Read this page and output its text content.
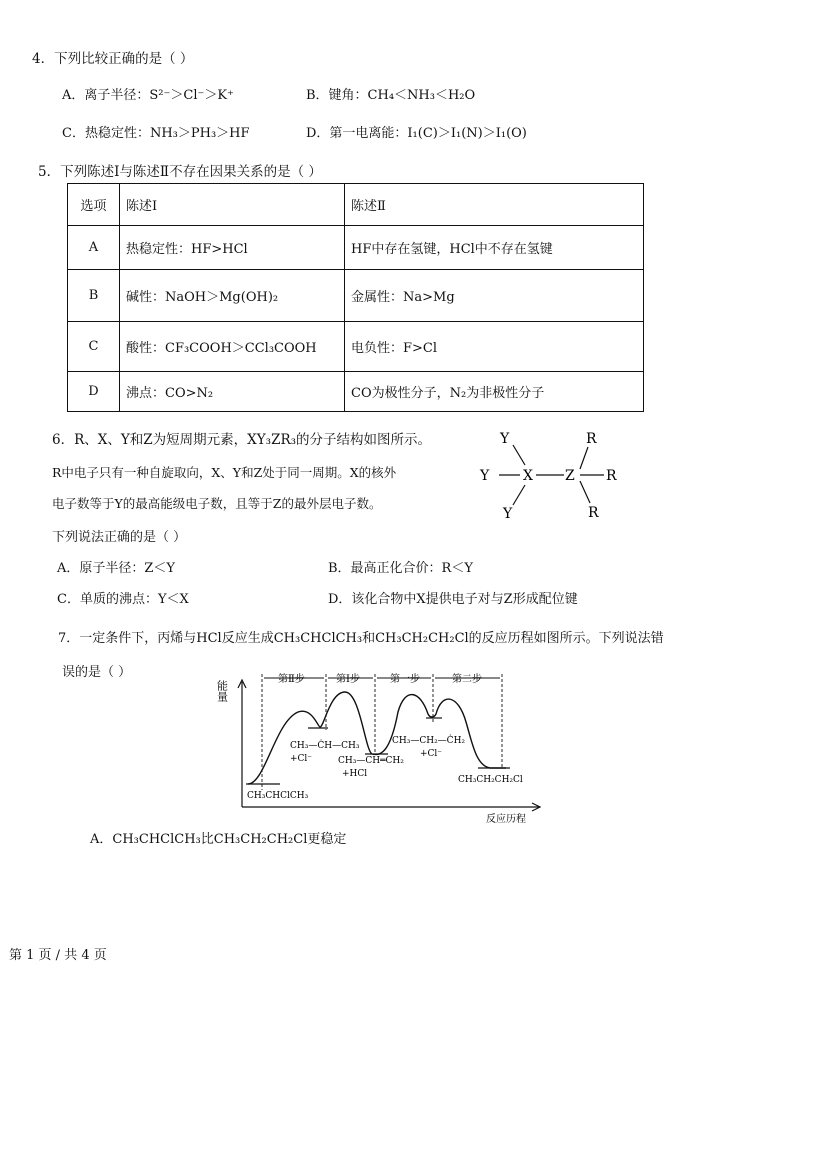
4．下列比较正确的是（ ）
A．离子半径：S²⁻＞Cl⁻＞K⁺	B．键角：CH₄＜NH₃＜H₂O
C．热稳定性：NH₃＞PH₃＞HF	D．第一电离能：I₁(C)＞I₁(N)＞I₁(O)
5．下列陈述Ⅰ与陈述Ⅱ不存在因果关系的是（ ）
选项	陈述Ⅰ	陈述Ⅱ
A	热稳定性：HF>HCl	HF中存在氢键，HCl中不存在氢键
B	碱性：NaOH＞Mg(OH)₂	金属性：Na>Mg
C	酸性：CF₃COOH＞CCl₃COOH	电负性：F>Cl
D	沸点：CO>N₂	CO为极性分子，N₂为非极性分子
6．R、X、Y和Z为短周期元素，XY₃ZR₃的分子结构如图所示。
R中电子只有一种自旋取向，X、Y和Z处于同一周期。X的核外
电子数等于Y的最高能级电子数，且等于Z的最外层电子数。
下列说法正确的是（ ）
A．原子半径：Z＜Y	B．最高正化合价：R＜Y
C．单质的沸点：Y＜X	D．该化合物中X提供电子对与Z形成配位键
Y
Y
Y
X Z
R
R
R
7．一定条件下，丙烯与HCl反应生成CH₃CHClCH₃和CH₃CH₂CH₂Cl的反应历程如图所示。下列说法错
误的是（ ）
能量
反应历程
第Ⅱ步	第Ⅰ步	第一步	第二步
CH₃CHClCH₃
CH₃—ĊH—CH₃
+Cl⁻	CH₃—CH═CH₂
+HCl
CH₃—CH₂—ĊH₂
+Cl⁻
CH₃CH₂CH₂Cl
A．CH₃CHClCH₃比CH₃CH₂CH₂Cl更稳定
第 1 页 / 共 4 页
